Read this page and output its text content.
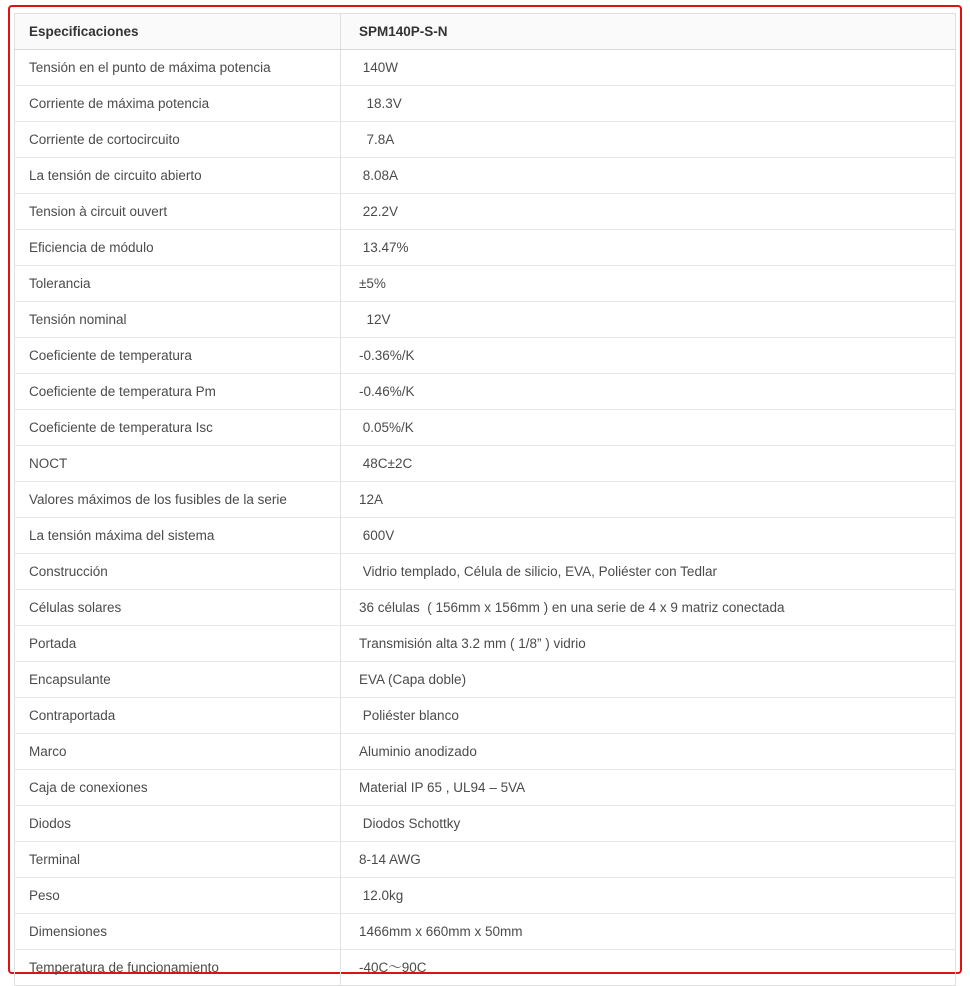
Especificaciones	SPM140P-S-N
Tensión en el punto de máxima potencia	140W
Corriente de máxima potencia	18.3V
Corriente de cortocircuito	7.8A
La tensión de circuito abierto	8.08A
Tension à circuit ouvert	22.2V
Eficiencia de módulo	13.47%
Tolerancia	±5%
Tensión nominal	12V
Coeficiente de temperatura	-0.36%/K
Coeficiente de temperatura Pm	-0.46%/K
Coeficiente de temperatura Isc	0.05%/K
NOCT	48C±2C
Valores máximos de los fusibles de la serie	12A
La tensión máxima del sistema	600V
Construcción	Vidrio templado, Célula de silicio, EVA, Poliéster con Tedlar
Células solares	36 células  ( 156mm x 156mm ) en una serie de 4 x 9 matriz conectada
Portada	Transmisión alta 3.2 mm ( 1/8” ) vidrio
Encapsulante	EVA (Capa doble)
Contraportada	Poliéster blanco
Marco	Aluminio anodizado
Caja de conexiones	Material IP 65 , UL94 – 5VA
Diodos	Diodos Schottky
Terminal	8-14 AWG
Peso	12.0kg
Dimensiones	1466mm x 660mm x 50mm
Temperatura de funcionamiento	-40C～90C
